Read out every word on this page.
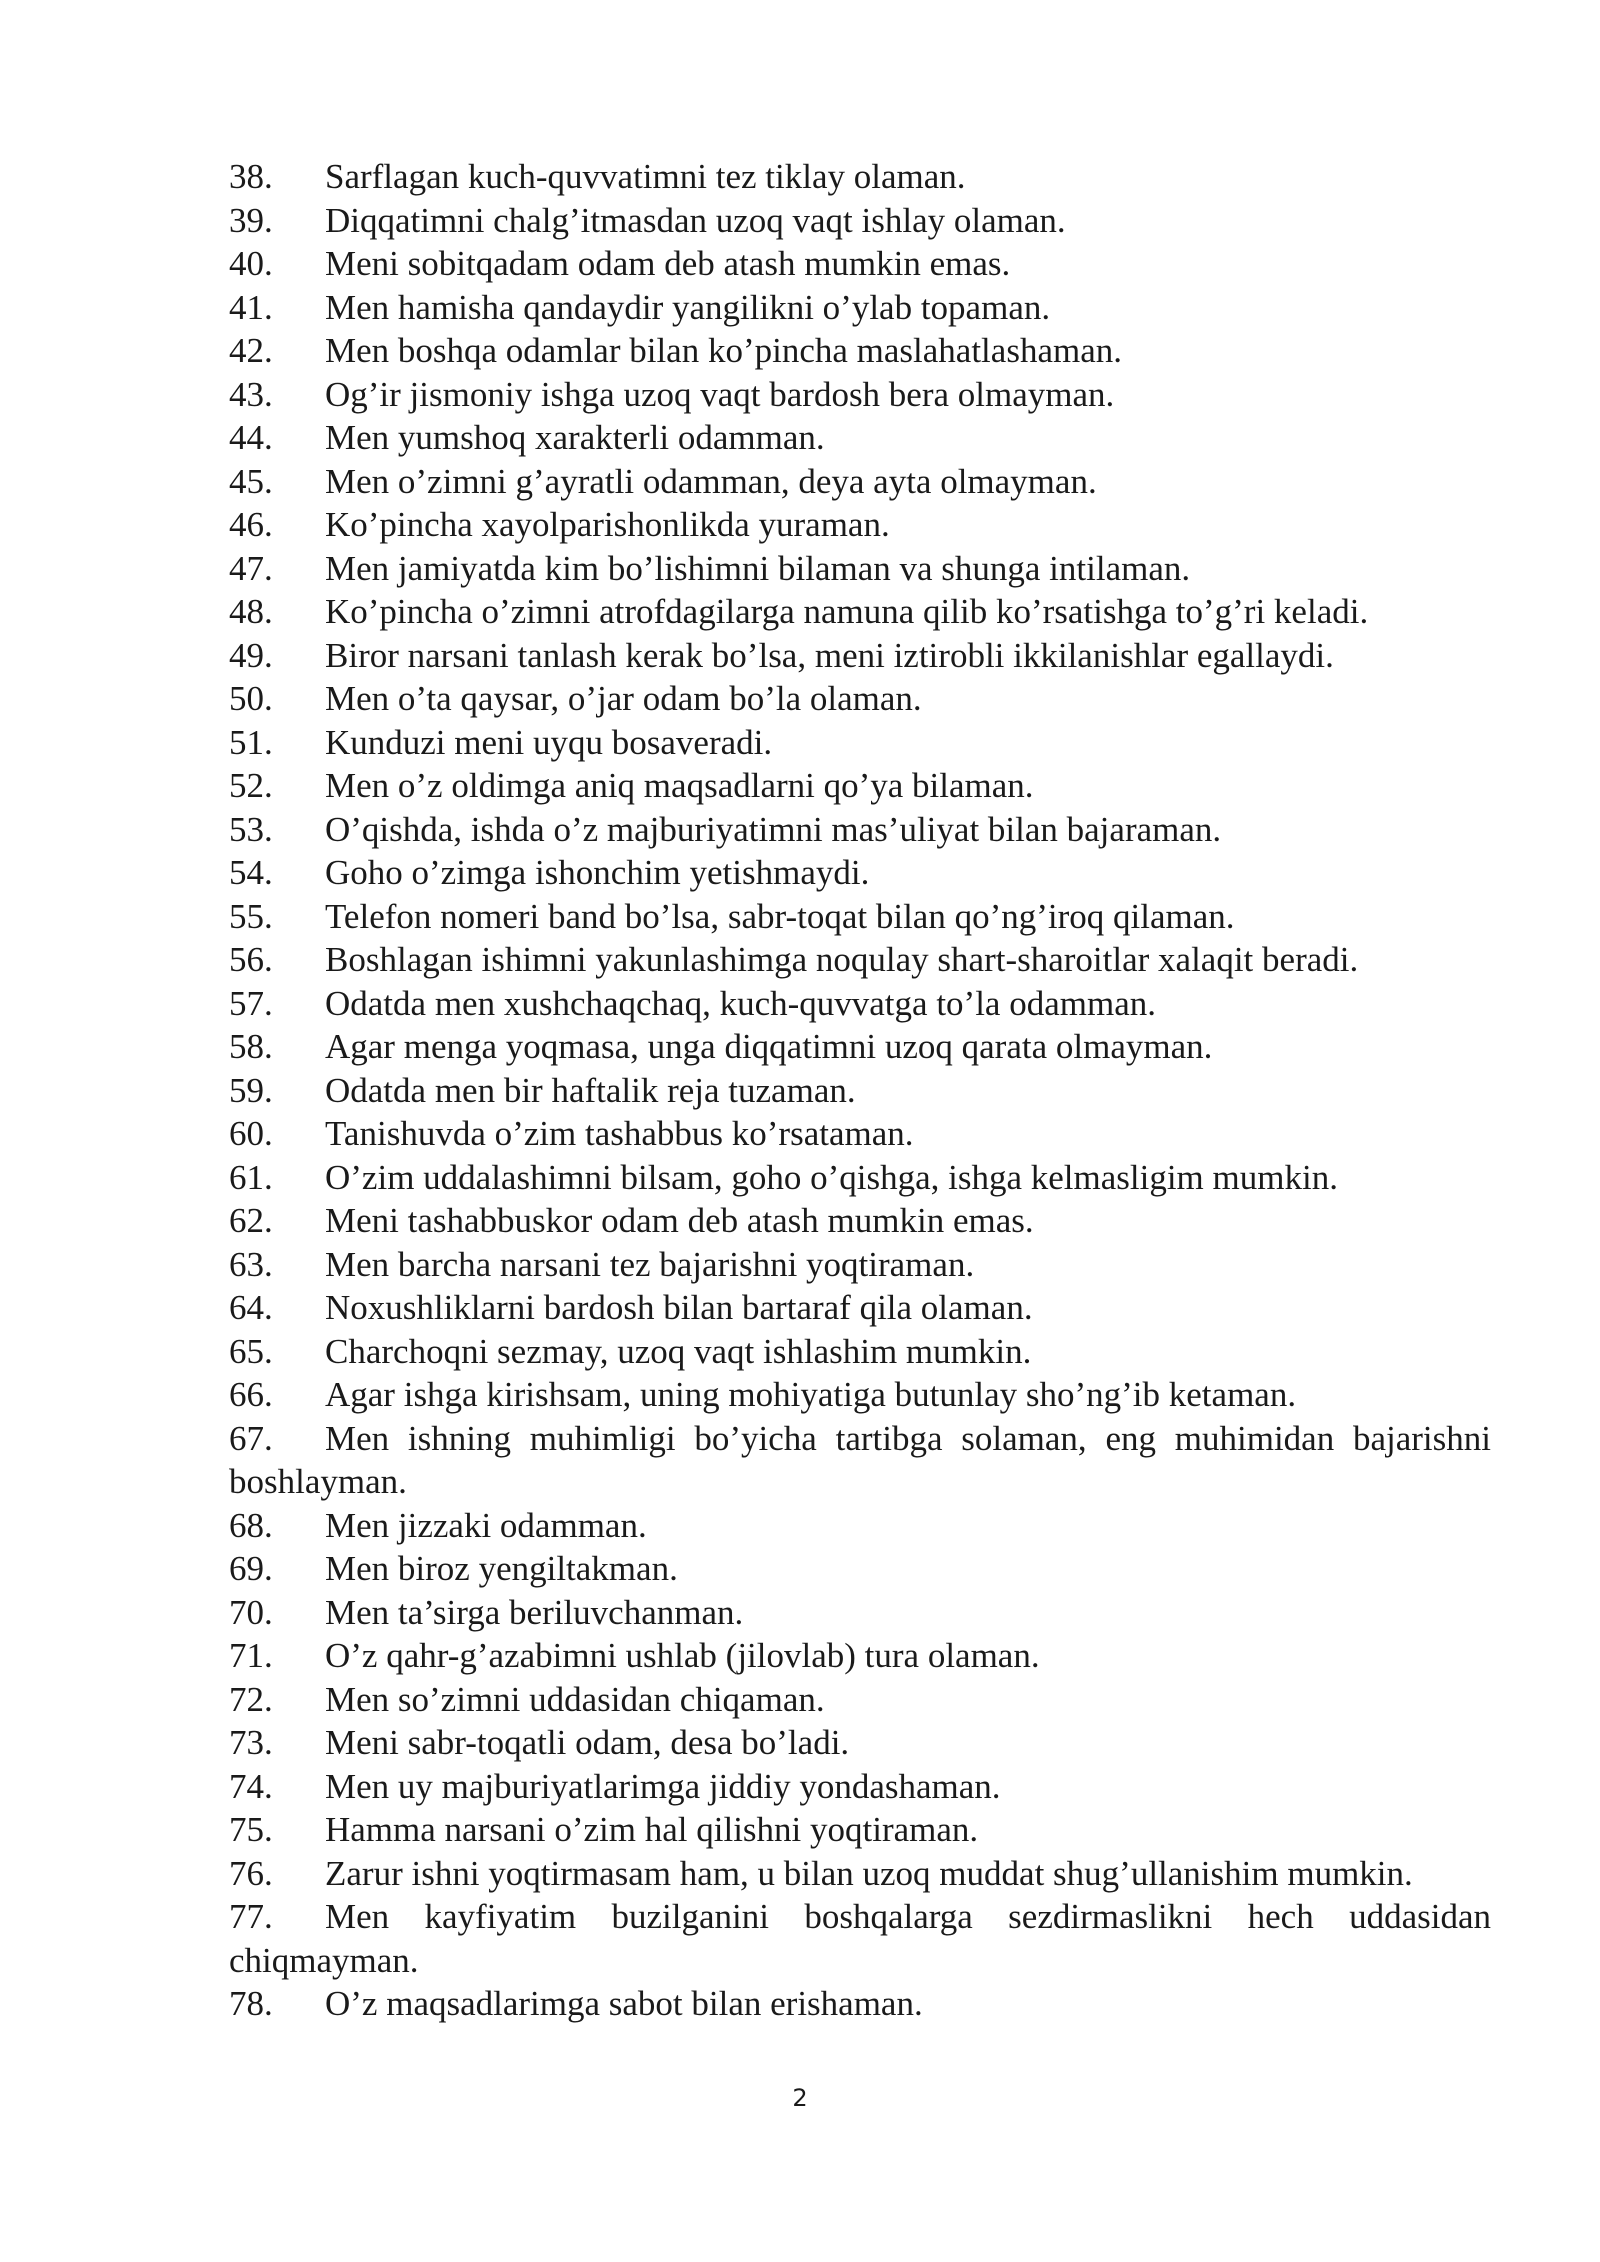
38. Sarflagan kuch-quvvatimni tez tiklay olaman.
39. Diqqatimni chalg’itmasdan uzoq vaqt ishlay olaman.
40. Meni sobitqadam odam deb atash mumkin emas.
41. Men hamisha qandaydir yangilikni o’ylab topaman.
42. Men boshqa odamlar bilan ko’pincha maslahatlashaman.
43. Og’ir jismoniy ishga uzoq vaqt bardosh bera olmayman.
44. Men yumshoq xarakterli odamman.
45. Men o’zimni g’ayratli odamman, deya ayta olmayman.
46. Ko’pincha xayolparishonlikda yuraman.
47. Men jamiyatda kim bo’lishimni bilaman va shunga intilaman.
48. Ko’pincha o’zimni atrofdagilarga namuna qilib ko’rsatishga to’g’ri keladi.
49. Biror narsani tanlash kerak bo’lsa, meni iztirobli ikkilanishlar egallaydi.
50. Men o’ta qaysar, o’jar odam bo’la olaman.
51. Kunduzi meni uyqu bosaveradi.
52. Men o’z oldimga aniq maqsadlarni qo’ya bilaman.
53. O’qishda, ishda o’z majburiyatimni mas’uliyat bilan bajaraman.
54. Goho o’zimga ishonchim yetishmaydi.
55. Telefon nomeri band bo’lsa, sabr-toqat bilan qo’ng’iroq qilaman.
56. Boshlagan ishimni yakunlashimga noqulay shart-sharoitlar xalaqit beradi.
57. Odatda men xushchaqchaq, kuch-quvvatga to’la odamman.
58. Agar menga yoqmasa, unga diqqatimni uzoq qarata olmayman.
59. Odatda men bir haftalik reja tuzaman.
60. Tanishuvda o’zim tashabbus ko’rsataman.
61. O’zim uddalashimni bilsam, goho o’qishga, ishga kelmasligim mumkin.
62. Meni tashabbuskor odam deb atash mumkin emas.
63. Men barcha narsani tez bajarishni yoqtiraman.
64. Noxushliklarni bardosh bilan bartaraf qila olaman.
65. Charchoqni sezmay, uzoq vaqt ishlashim mumkin.
66. Agar ishga kirishsam, uning mohiyatiga butunlay sho’ng’ib ketaman.
67. Men ishning muhimligi bo’yicha tartibga solaman, eng muhimidan bajarishni boshlayman.
68. Men jizzaki odamman.
69. Men biroz yengiltakman.
70. Men ta’sirga beriluvchanman.
71. O’z qahr-g’azabimni ushlab (jilovlab) tura olaman.
72. Men so’zimni uddasidan chiqaman.
73. Meni sabr-toqatli odam, desa bo’ladi.
74. Men uy majburiyatlarimga jiddiy yondashaman.
75. Hamma narsani o’zim hal qilishni yoqtiraman.
76. Zarur ishni yoqtirmasam ham, u bilan uzoq muddat shug’ullanishim mumkin.
77. Men kayfiyatim buzilganini boshqalarga sezdirmaslikni hech uddasidan chiqmayman.
78. O’z maqsadlarimga sabot bilan erishaman.
2
